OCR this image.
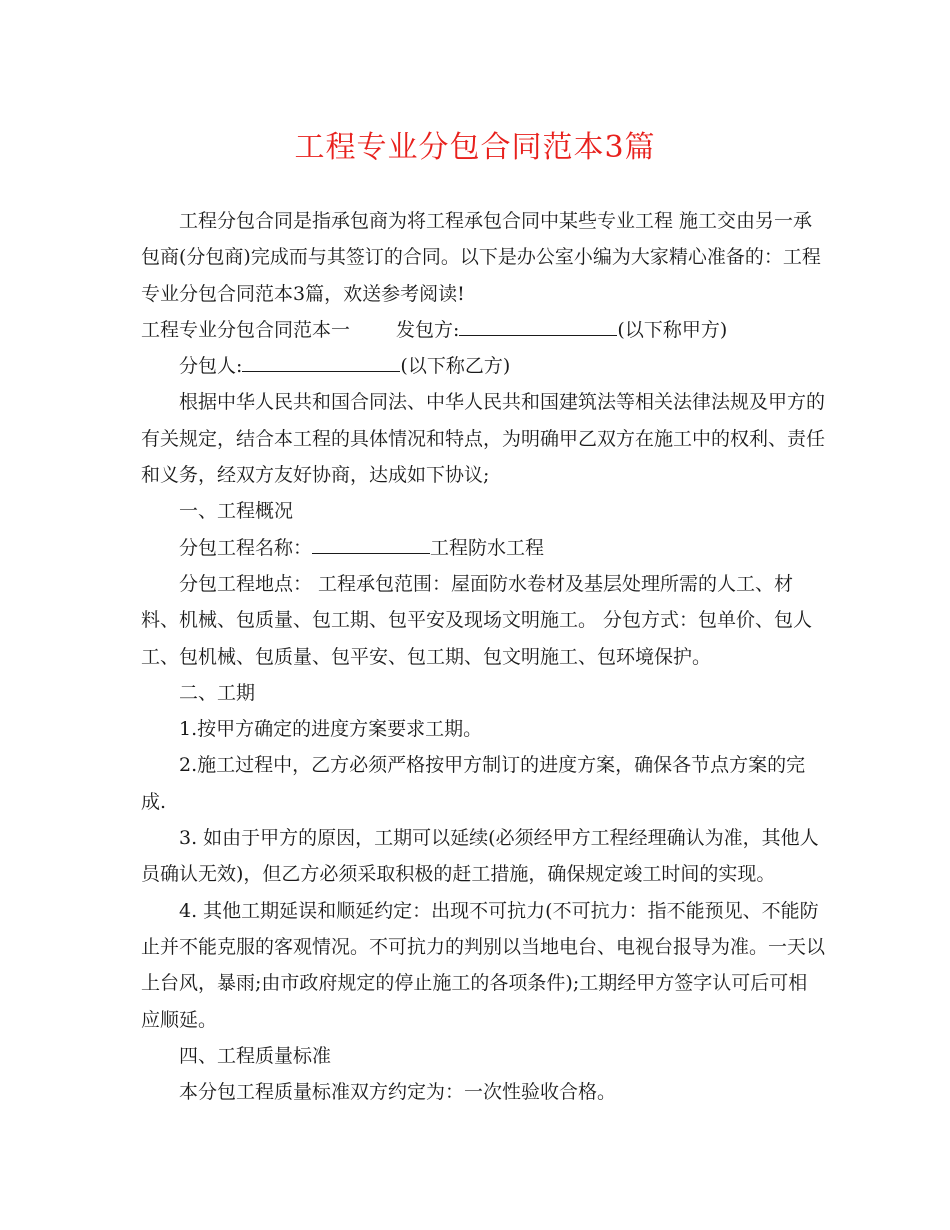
工程专业分包合同范本3篇

工程分包合同是指承包商为将工程承包合同中某些专业工程 施工交由另一承

包商(分包商)完成而与其签订的合同。以下是办公室小编为大家精心准备的：工程

专业分包合同范本3篇，欢送参考阅读!

工程专业分包合同范本一 发包方:	(以下称甲方)

分包人:	(以下称乙方)

根据中华人民共和国合同法、中华人民共和国建筑法等相关法律法规及甲方的

有关规定，结合本工程的具体情况和特点，为明确甲乙双方在施工中的权利、责任

和义务，经双方友好协商，达成如下协议;

一、工程概况

分包工程名称：	工程防水工程

分包工程地点： 工程承包范围：屋面防水卷材及基层处理所需的人工、材

料、机械、包质量、包工期、包平安及现场文明施工。 分包方式：包单价、包人

工、包机械、包质量、包平安、包工期、包文明施工、包环境保护。

二、工期

1.按甲方确定的进度方案要求工期。

2.施工过程中，乙方必须严格按甲方制订的进度方案，确保各节点方案的完

成.

3. 如由于甲方的原因，工期可以延续(必须经甲方工程经理确认为准，其他人

员确认无效)，但乙方必须采取积极的赶工措施，确保规定竣工时间的实现。

4. 其他工期延误和顺延约定：出现不可抗力(不可抗力：指不能预见、不能防

止并不能克服的客观情况。不可抗力的判别以当地电台、电视台报导为准。一天以

上台风，暴雨;由市政府规定的停止施工的各项条件);工期经甲方签字认可后可相

应顺延。

四、工程质量标准

本分包工程质量标准双方约定为：一次性验收合格。
